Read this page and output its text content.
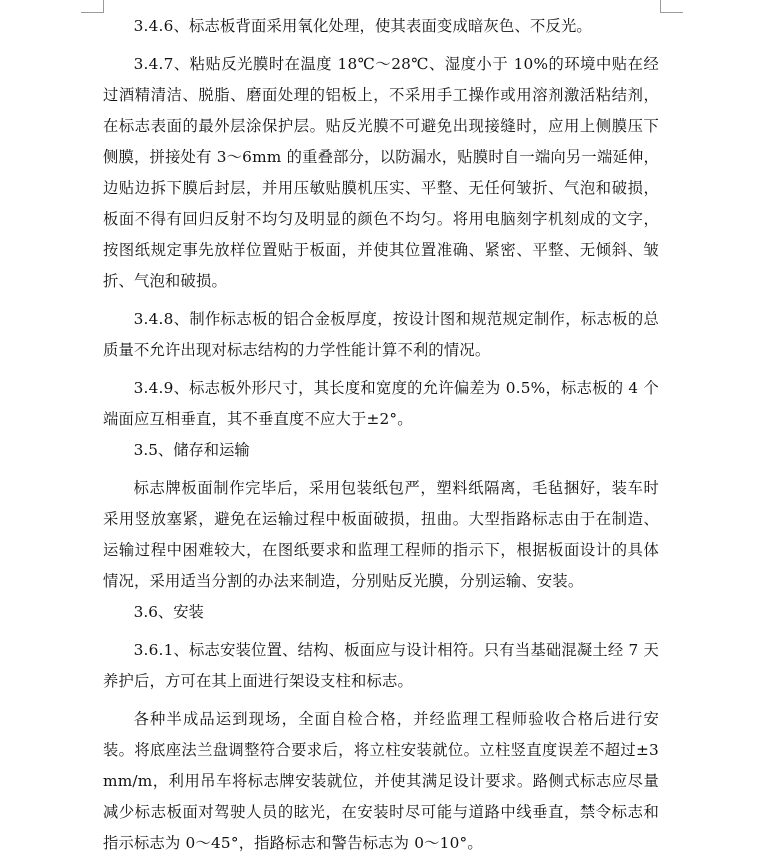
3.4.6、标志板背面采用氧化处理，使其表面变成暗灰色、不反光。

3.4.7、粘贴反光膜时在温度 18℃～28℃、湿度小于 10%的环境中贴在经过酒精清洁、脱脂、磨面处理的铝板上，不采用手工操作或用溶剂激活粘结剂，在标志表面的最外层涂保护层。贴反光膜不可避免出现接缝时，应用上侧膜压下侧膜，拼接处有 3～6mm 的重叠部分，以防漏水，贴膜时自一端向另一端延伸，边贴边拆下膜后封层，并用压敏贴膜机压实、平整、无任何皱折、气泡和破损，板面不得有回归反射不均匀及明显的颜色不均匀。将用电脑刻字机刻成的文字，按图纸规定事先放样位置贴于板面，并使其位置准确、紧密、平整、无倾斜、皱折、气泡和破损。

3.4.8、制作标志板的铝合金板厚度，按设计图和规范规定制作，标志板的总质量不允许出现对标志结构的力学性能计算不利的情况。

3.4.9、标志板外形尺寸，其长度和宽度的允许偏差为 0.5%，标志板的 4 个端面应互相垂直，其不垂直度不应大于±2°。

3.5、储存和运输

标志牌板面制作完毕后，采用包装纸包严，塑料纸隔离，毛毡捆好，装车时采用竖放塞紧，避免在运输过程中板面破损，扭曲。大型指路标志由于在制造、运输过程中困难较大，在图纸要求和监理工程师的指示下，根据板面设计的具体情况，采用适当分割的办法来制造，分别贴反光膜，分别运输、安装。

3.6、安装

3.6.1、标志安装位置、结构、板面应与设计相符。只有当基础混凝土经 7 天养护后，方可在其上面进行架设支柱和标志。

各种半成品运到现场，全面自检合格，并经监理工程师验收合格后进行安装。将底座法兰盘调整符合要求后，将立柱安装就位。立柱竖直度误差不超过±3mm/m，利用吊车将标志牌安装就位，并使其满足设计要求。路侧式标志应尽量减少标志板面对驾驶人员的眩光，在安装时尽可能与道路中线垂直，禁令标志和指示标志为 0～45°，指路标志和警告标志为 0～10°。
